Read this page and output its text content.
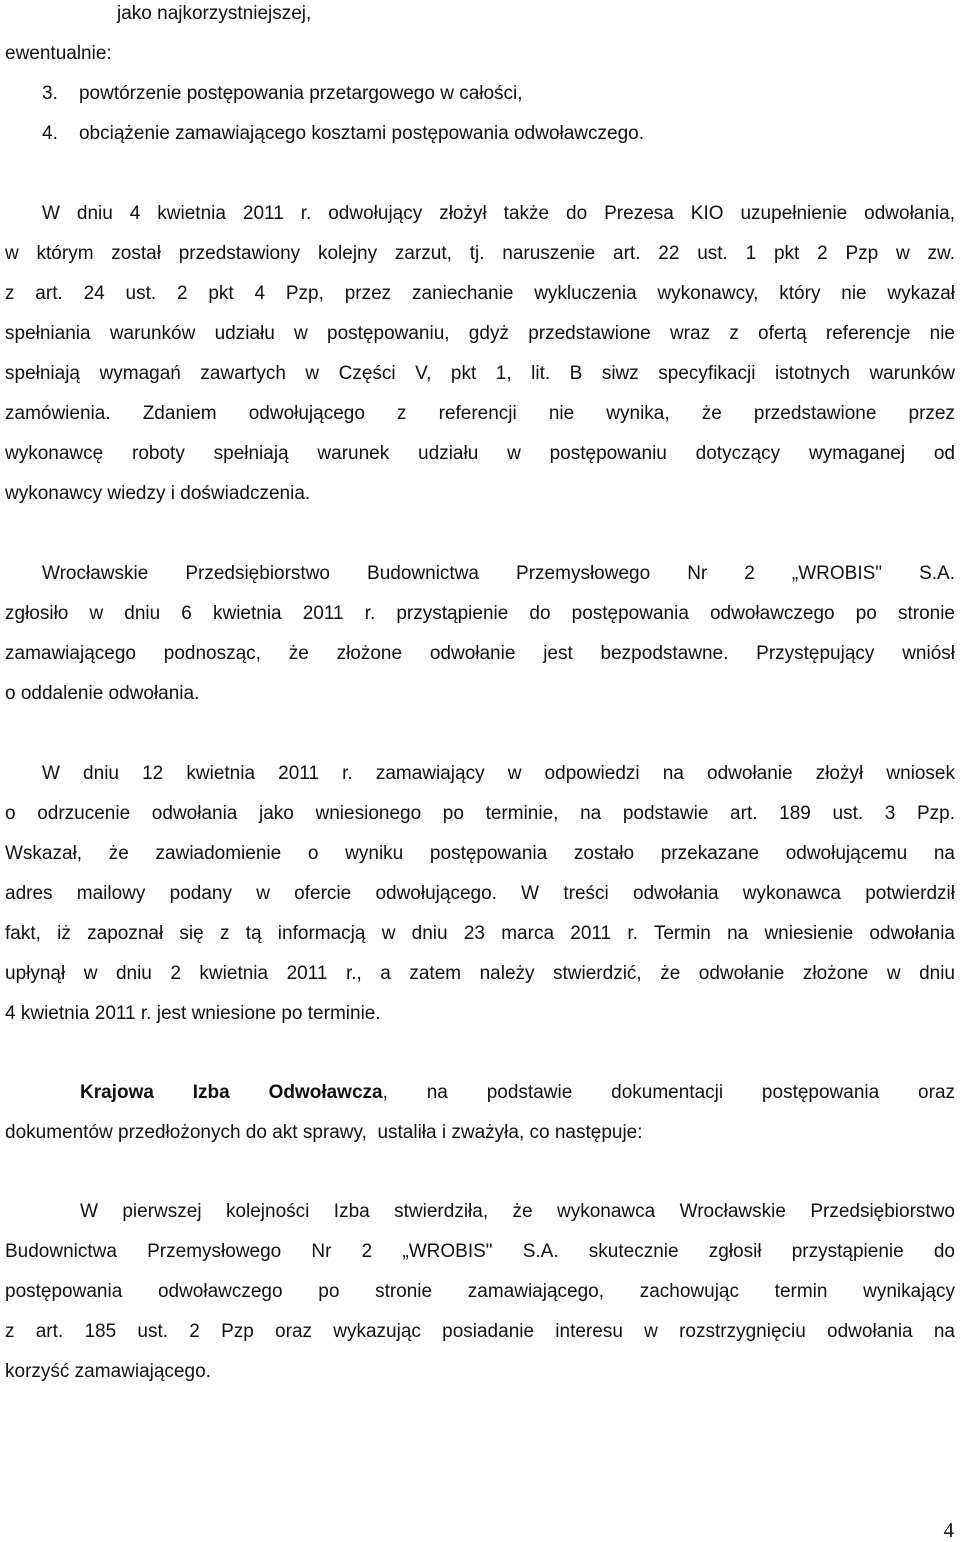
jako najkorzystniejszej,
ewentualnie:
3.    powtórzenie postępowania przetargowego w całości,
4.    obciążenie zamawiającego kosztami postępowania odwoławczego.
W dniu 4 kwietnia 2011 r. odwołujący złożył także do Prezesa KIO uzupełnienie odwołania,
w którym został przedstawiony kolejny zarzut, tj. naruszenie art. 22 ust. 1 pkt 2 Pzp w zw.
z art. 24 ust. 2 pkt 4 Pzp, przez zaniechanie wykluczenia wykonawcy, który nie wykazał
spełniania warunków udziału w postępowaniu, gdyż przedstawione wraz z ofertą referencje nie
spełniają wymagań zawartych w Części V, pkt 1, lit. B siwz specyfikacji istotnych warunków
zamówienia. Zdaniem odwołującego z referencji nie wynika, że przedstawione przez
wykonawcę roboty spełniają warunek udziału w postępowaniu dotyczący wymaganej od
wykonawcy wiedzy i doświadczenia.
Wrocławskie Przedsiębiorstwo Budownictwa Przemysłowego Nr 2 „WROBIS" S.A.
zgłosiło w dniu 6 kwietnia 2011 r. przystąpienie do postępowania odwoławczego po stronie
zamawiającego podnosząc, że złożone odwołanie jest bezpodstawne. Przystępujący wniósł
o oddalenie odwołania.
W dniu 12 kwietnia 2011 r. zamawiający w odpowiedzi na odwołanie złożył wniosek
o odrzucenie odwołania jako wniesionego po terminie, na podstawie art. 189 ust. 3 Pzp.
Wskazał, że zawiadomienie o wyniku postępowania zostało przekazane odwołującemu na
adres mailowy podany w ofercie odwołującego. W treści odwołania wykonawca potwierdził
fakt, iż zapoznał się z tą informacją w dniu 23 marca 2011 r. Termin na wniesienie odwołania
upłynął w dniu 2 kwietnia 2011 r., a zatem należy stwierdzić, że odwołanie złożone w dniu
4 kwietnia 2011 r. jest wniesione po terminie.
Krajowa Izba Odwoławcza, na podstawie dokumentacji postępowania oraz
dokumentów przedłożonych do akt sprawy,  ustaliła i zważyła, co następuje:
W pierwszej kolejności Izba stwierdziła, że wykonawca Wrocławskie Przedsiębiorstwo
Budownictwa Przemysłowego Nr 2 „WROBIS" S.A. skutecznie zgłosił przystąpienie do
postępowania odwoławczego po stronie zamawiającego, zachowując termin wynikający
z art. 185 ust. 2 Pzp oraz wykazując posiadanie interesu w rozstrzygnięciu odwołania na
korzyść zamawiającego.
4
